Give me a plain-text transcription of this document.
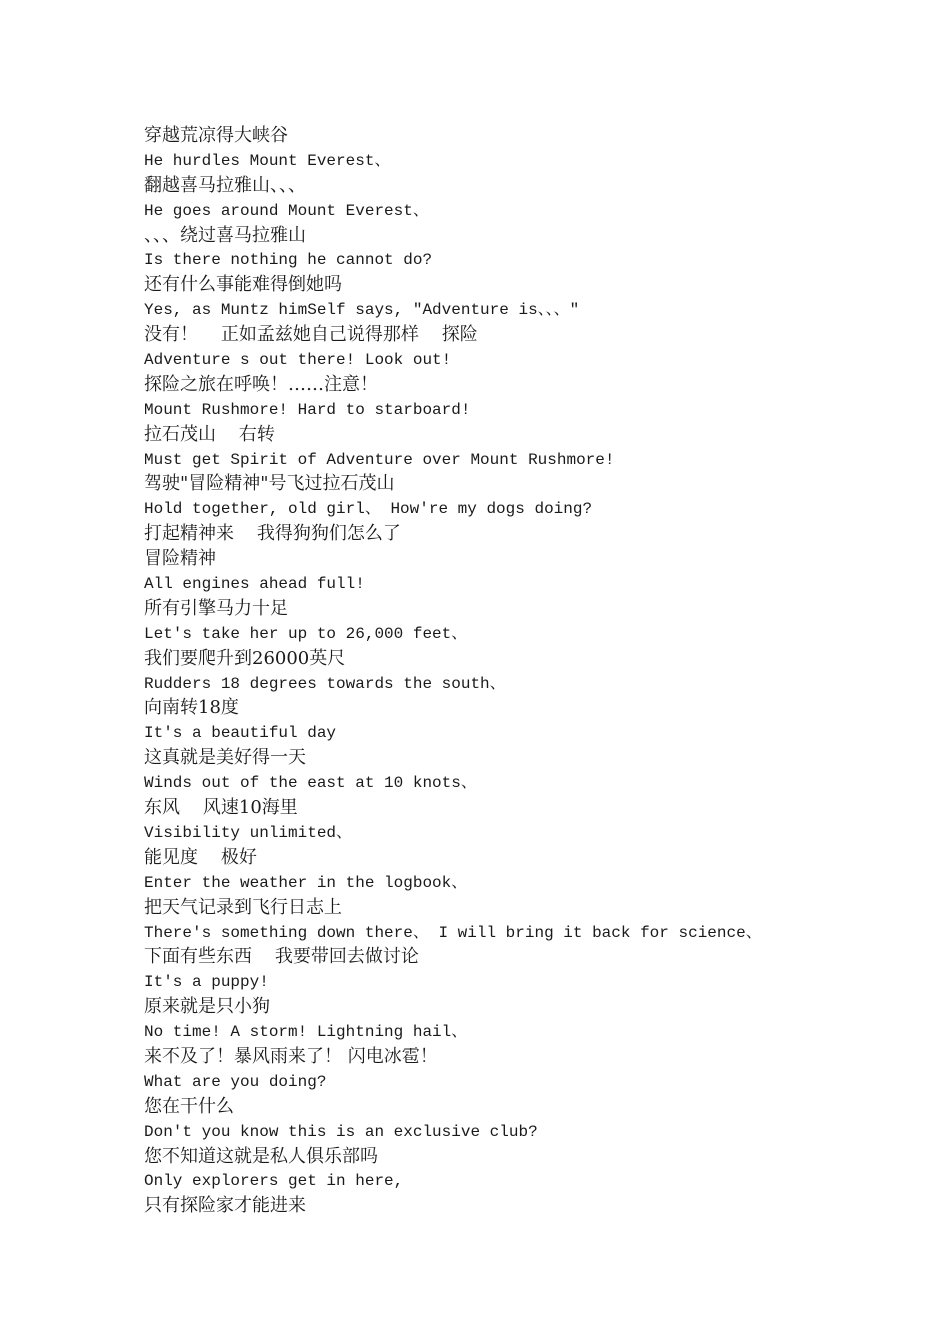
穿越荒凉得大峡谷
He hurdles Mount Everest、
翻越喜马拉雅山、、、
He goes around Mount Everest、
、、、绕过喜马拉雅山
Is there nothing he cannot do?
还有什么事能难得倒她吗
Yes, as Muntz himSelf says, "Adventure is、、、"
没有！    正如孟兹她自己说得那样    探险
Adventure s out there! Look out!
探险之旅在呼唤！……注意！
Mount Rushmore! Hard to starboard!
拉石茂山    右转
Must get Spirit of Adventure over Mount Rushmore!
驾驶"冒险精神"号飞过拉石茂山
Hold together, old girl、 How're my dogs doing?
打起精神来    我得狗狗们怎么了
冒险精神
All engines ahead full!
所有引擎马力十足
Let's take her up to 26,000 feet、
我们要爬升到26000英尺
Rudders 18 degrees towards the south、
向南转18度
It's a beautiful day
这真就是美好得一天
Winds out of the east at 10 knots、
东风    风速10海里
Visibility unlimited、
能见度    极好
Enter the weather in the logbook、
把天气记录到飞行日志上
There's something down there、 I will bring it back for science、
下面有些东西    我要带回去做讨论
It's a puppy!
原来就是只小狗
No time! A storm! Lightning hail、
来不及了！暴风雨来了！ 闪电冰雹！
What are you doing?
您在干什么
Don't you know this is an exclusive club?
您不知道这就是私人俱乐部吗
Only explorers get in here,
只有探险家才能进来
